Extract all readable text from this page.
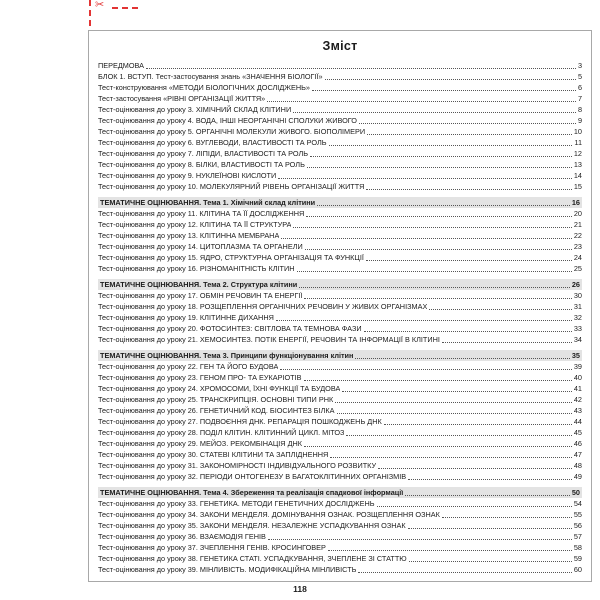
✂
Зміст
ПЕРЕДМОВА	3
БЛОК 1. ВСТУП. Тест-застосування знань «ЗНАЧЕННЯ БІОЛОГІЇ»	5
Тест-конструювання «МЕТОДИ БІОЛОГІЧНИХ ДОСЛІДЖЕНЬ»	6
Тест-застосування «РІВНІ ОРГАНІЗАЦІЇ ЖИТТЯ»	7
Тест-оцінювання до уроку 3. ХІМІЧНИЙ СКЛАД КЛІТИНИ	8
Тест-оцінювання до уроку 4. ВОДА, ІНШІ НЕОРГАНІЧНІ СПОЛУКИ ЖИВОГО	9
Тест-оцінювання до уроку 5. ОРГАНІЧНІ МОЛЕКУЛИ ЖИВОГО. БІОПОЛІМЕРИ	10
Тест-оцінювання до уроку 6. ВУГЛЕВОДИ, ВЛАСТИВОСТІ ТА РОЛЬ	11
Тест-оцінювання до уроку 7. ЛІПІДИ, ВЛАСТИВОСТІ ТА РОЛЬ	12
Тест-оцінювання до уроку 8. БІЛКИ, ВЛАСТИВОСТІ ТА РОЛЬ	13
Тест-оцінювання до уроку 9. НУКЛЕЇНОВІ КИСЛОТИ	14
Тест-оцінювання до уроку 10. МОЛЕКУЛЯРНИЙ РІВЕНЬ ОРГАНІЗАЦІЇ ЖИТТЯ	15
ТЕМАТИЧНЕ ОЦІНЮВАННЯ. Тема 1. Хімічний склад клітини	16
Тест-оцінювання до уроку 11. КЛІТИНА ТА ЇЇ ДОСЛІДЖЕННЯ	20
Тест-оцінювання до уроку 12. КЛІТИНА ТА ЇЇ СТРУКТУРА	21
Тест-оцінювання до уроку 13. КЛІТИННА МЕМБРАНА	22
Тест-оцінювання до уроку 14. ЦИТОПЛАЗМА ТА ОРГАНЕЛИ	23
Тест-оцінювання до уроку 15. ЯДРО, СТРУКТУРНА ОРГАНІЗАЦІЯ ТА ФУНКЦІЇ	24
Тест-оцінювання до уроку 16. РІЗНОМАНІТНІСТЬ КЛІТИН	25
ТЕМАТИЧНЕ ОЦІНЮВАННЯ. Тема 2. Структура клітини	26
Тест-оцінювання до уроку 17. ОБМІН РЕЧОВИН ТА ЕНЕРГІЇ	30
Тест-оцінювання до уроку 18. РОЗЩЕПЛЕННЯ ОРГАНІЧНИХ РЕЧОВИН У ЖИВИХ ОРГАНІЗМАХ	31
Тест-оцінювання до уроку 19. КЛІТИННЕ ДИХАННЯ	32
Тест-оцінювання до уроку 20. ФОТОСИНТЕЗ: СВІТЛОВА ТА ТЕМНОВА ФАЗИ	33
Тест-оцінювання до уроку 21. ХЕМОСИНТЕЗ. ПОТІК ЕНЕРГІЇ, РЕЧОВИН ТА ІНФОРМАЦІЇ В КЛІТИНІ	34
ТЕМАТИЧНЕ ОЦІНЮВАННЯ. Тема 3. Принципи функціонування клітин	35
Тест-оцінювання до уроку 22. ГЕН ТА ЙОГО БУДОВА	39
Тест-оцінювання до уроку 23. ГЕНОМ ПРО- ТА ЕУКАРІОТІВ	40
Тест-оцінювання до уроку 24. ХРОМОСОМИ, ЇХНІ ФУНКЦІЇ ТА БУДОВА	41
Тест-оцінювання до уроку 25. ТРАНСКРИПЦІЯ. ОСНОВНІ ТИПИ РНК	42
Тест-оцінювання до уроку 26. ГЕНЕТИЧНИЙ КОД. БІОСИНТЕЗ БІЛКА	43
Тест-оцінювання до уроку 27. ПОДВОЄННЯ ДНК. РЕПАРАЦІЯ ПОШКОДЖЕНЬ ДНК	44
Тест-оцінювання до уроку 28. ПОДІЛ КЛІТИН. КЛІТИННИЙ ЦИКЛ. МІТОЗ	45
Тест-оцінювання до уроку 29. МЕЙОЗ. РЕКОМБІНАЦІЯ ДНК	46
Тест-оцінювання до уроку 30. СТАТЕВІ КЛІТИНИ ТА ЗАПЛІДНЕННЯ	47
Тест-оцінювання до уроку 31. ЗАКОНОМІРНОСТІ ІНДИВІДУАЛЬНОГО РОЗВИТКУ	48
Тест-оцінювання до уроку 32. ПЕРІОДИ ОНТОГЕНЕЗУ В БАГАТОКЛІТИННИХ ОРГАНІЗМІВ	49
ТЕМАТИЧНЕ ОЦІНЮВАННЯ. Тема 4. Збереження та реалізація спадкової інформації	50
Тест-оцінювання до уроку 33. ГЕНЕТИКА. МЕТОДИ ГЕНЕТИЧНИХ ДОСЛІДЖЕНЬ	54
Тест-оцінювання до уроку 34. ЗАКОНИ МЕНДЕЛЯ. ДОМІНУВАННЯ ОЗНАК. РОЗЩЕПЛЕННЯ ОЗНАК	55
Тест-оцінювання до уроку 35. ЗАКОНИ МЕНДЕЛЯ. НЕЗАЛЕЖНЕ УСПАДКУВАННЯ ОЗНАК	56
Тест-оцінювання до уроку 36. ВЗАЄМОДІЯ ГЕНІВ	57
Тест-оцінювання до уроку 37. ЗЧЕПЛЕННЯ ГЕНІВ. КРОСИНГОВЕР	58
Тест-оцінювання до уроку 38. ГЕНЕТИКА СТАТІ. УСПАДКУВАННЯ, ЗЧЕПЛЕНЕ ЗІ СТАТТЮ	59
Тест-оцінювання до уроку 39. МІНЛИВІСТЬ. МОДИФІКАЦІЙНА МІНЛИВІСТЬ	60
118
